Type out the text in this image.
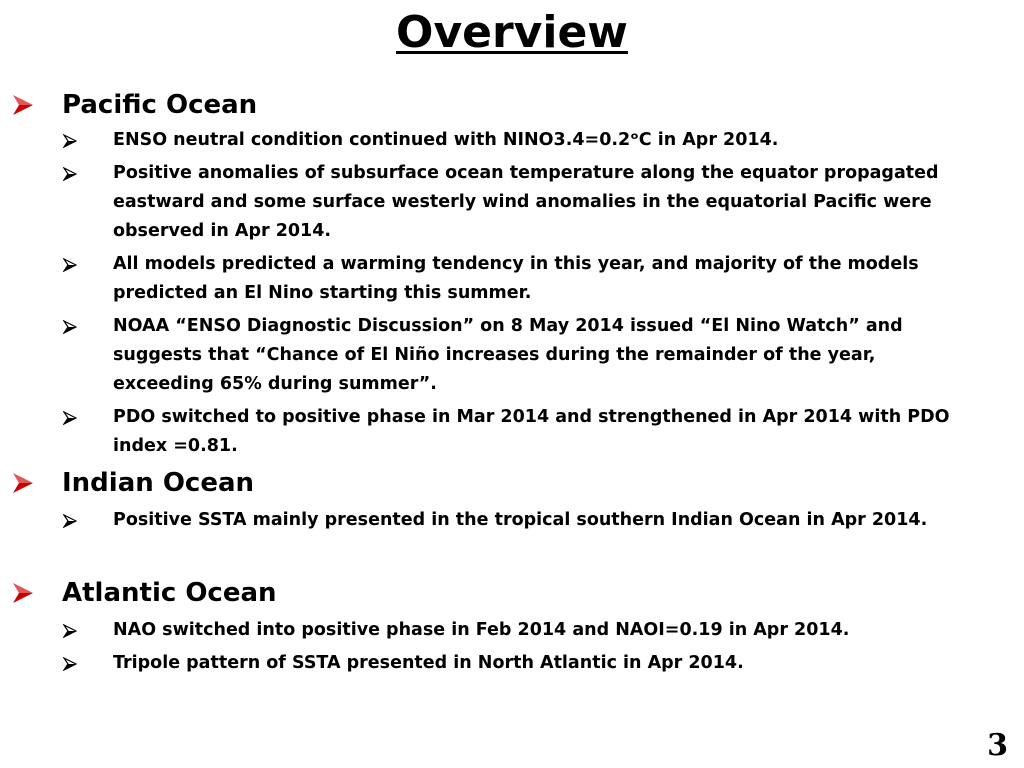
Overview
Pacific Ocean
ENSO neutral condition continued with NINO3.4=0.2ᵒC in Apr 2014.
Positive anomalies of subsurface ocean temperature along the equator propagated eastward and some surface westerly wind anomalies in the equatorial Pacific were observed in Apr 2014.
All models predicted a warming tendency in this year, and majority of the models predicted an El Nino starting this summer.
NOAA “ENSO Diagnostic Discussion” on 8 May 2014 issued “El Nino Watch” and suggests that “Chance of El Niño increases during the remainder of the year, exceeding 65% during summer”.
PDO switched to positive phase in Mar 2014 and strengthened in Apr 2014 with PDO index =0.81.
Indian Ocean
Positive SSTA mainly presented in the tropical southern Indian Ocean in Apr 2014.
Atlantic Ocean
NAO switched into positive phase in Feb 2014 and NAOI=0.19 in Apr 2014.
Tripole pattern of SSTA presented in North Atlantic in Apr 2014.
3
